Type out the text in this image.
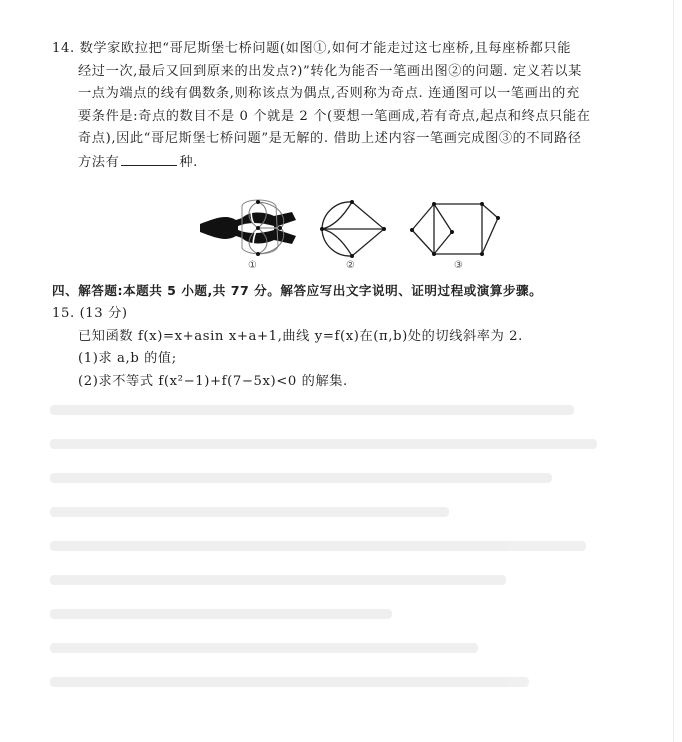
14. 数学家欧拉把“哥尼斯堡七桥问题(如图①,如何才能走过这七座桥,且每座桥都只能
经过一次,最后又回到原来的出发点?)”转化为能否一笔画出图②的问题. 定义若以某
一点为端点的线有偶数条,则称该点为偶点,否则称为奇点. 连通图可以一笔画出的充
要条件是:奇点的数目不是 0 个就是 2 个(要想一笔画成,若有奇点,起点和终点只能在
奇点),因此“哥尼斯堡七桥问题”是无解的. 借助上述内容一笔画完成图③的不同路径
方法有	种.
①	②	③
四、解答题:本题共 5 小题,共 77 分。解答应写出文字说明、证明过程或演算步骤。
15. (13 分)
已知函数 f(x)=x+asin x+a+1,曲线 y=f(x)在(π,b)处的切线斜率为 2.
(1)求 a,b 的值;
(2)求不等式 f(x²−1)+f(7−5x)<0 的解集.
